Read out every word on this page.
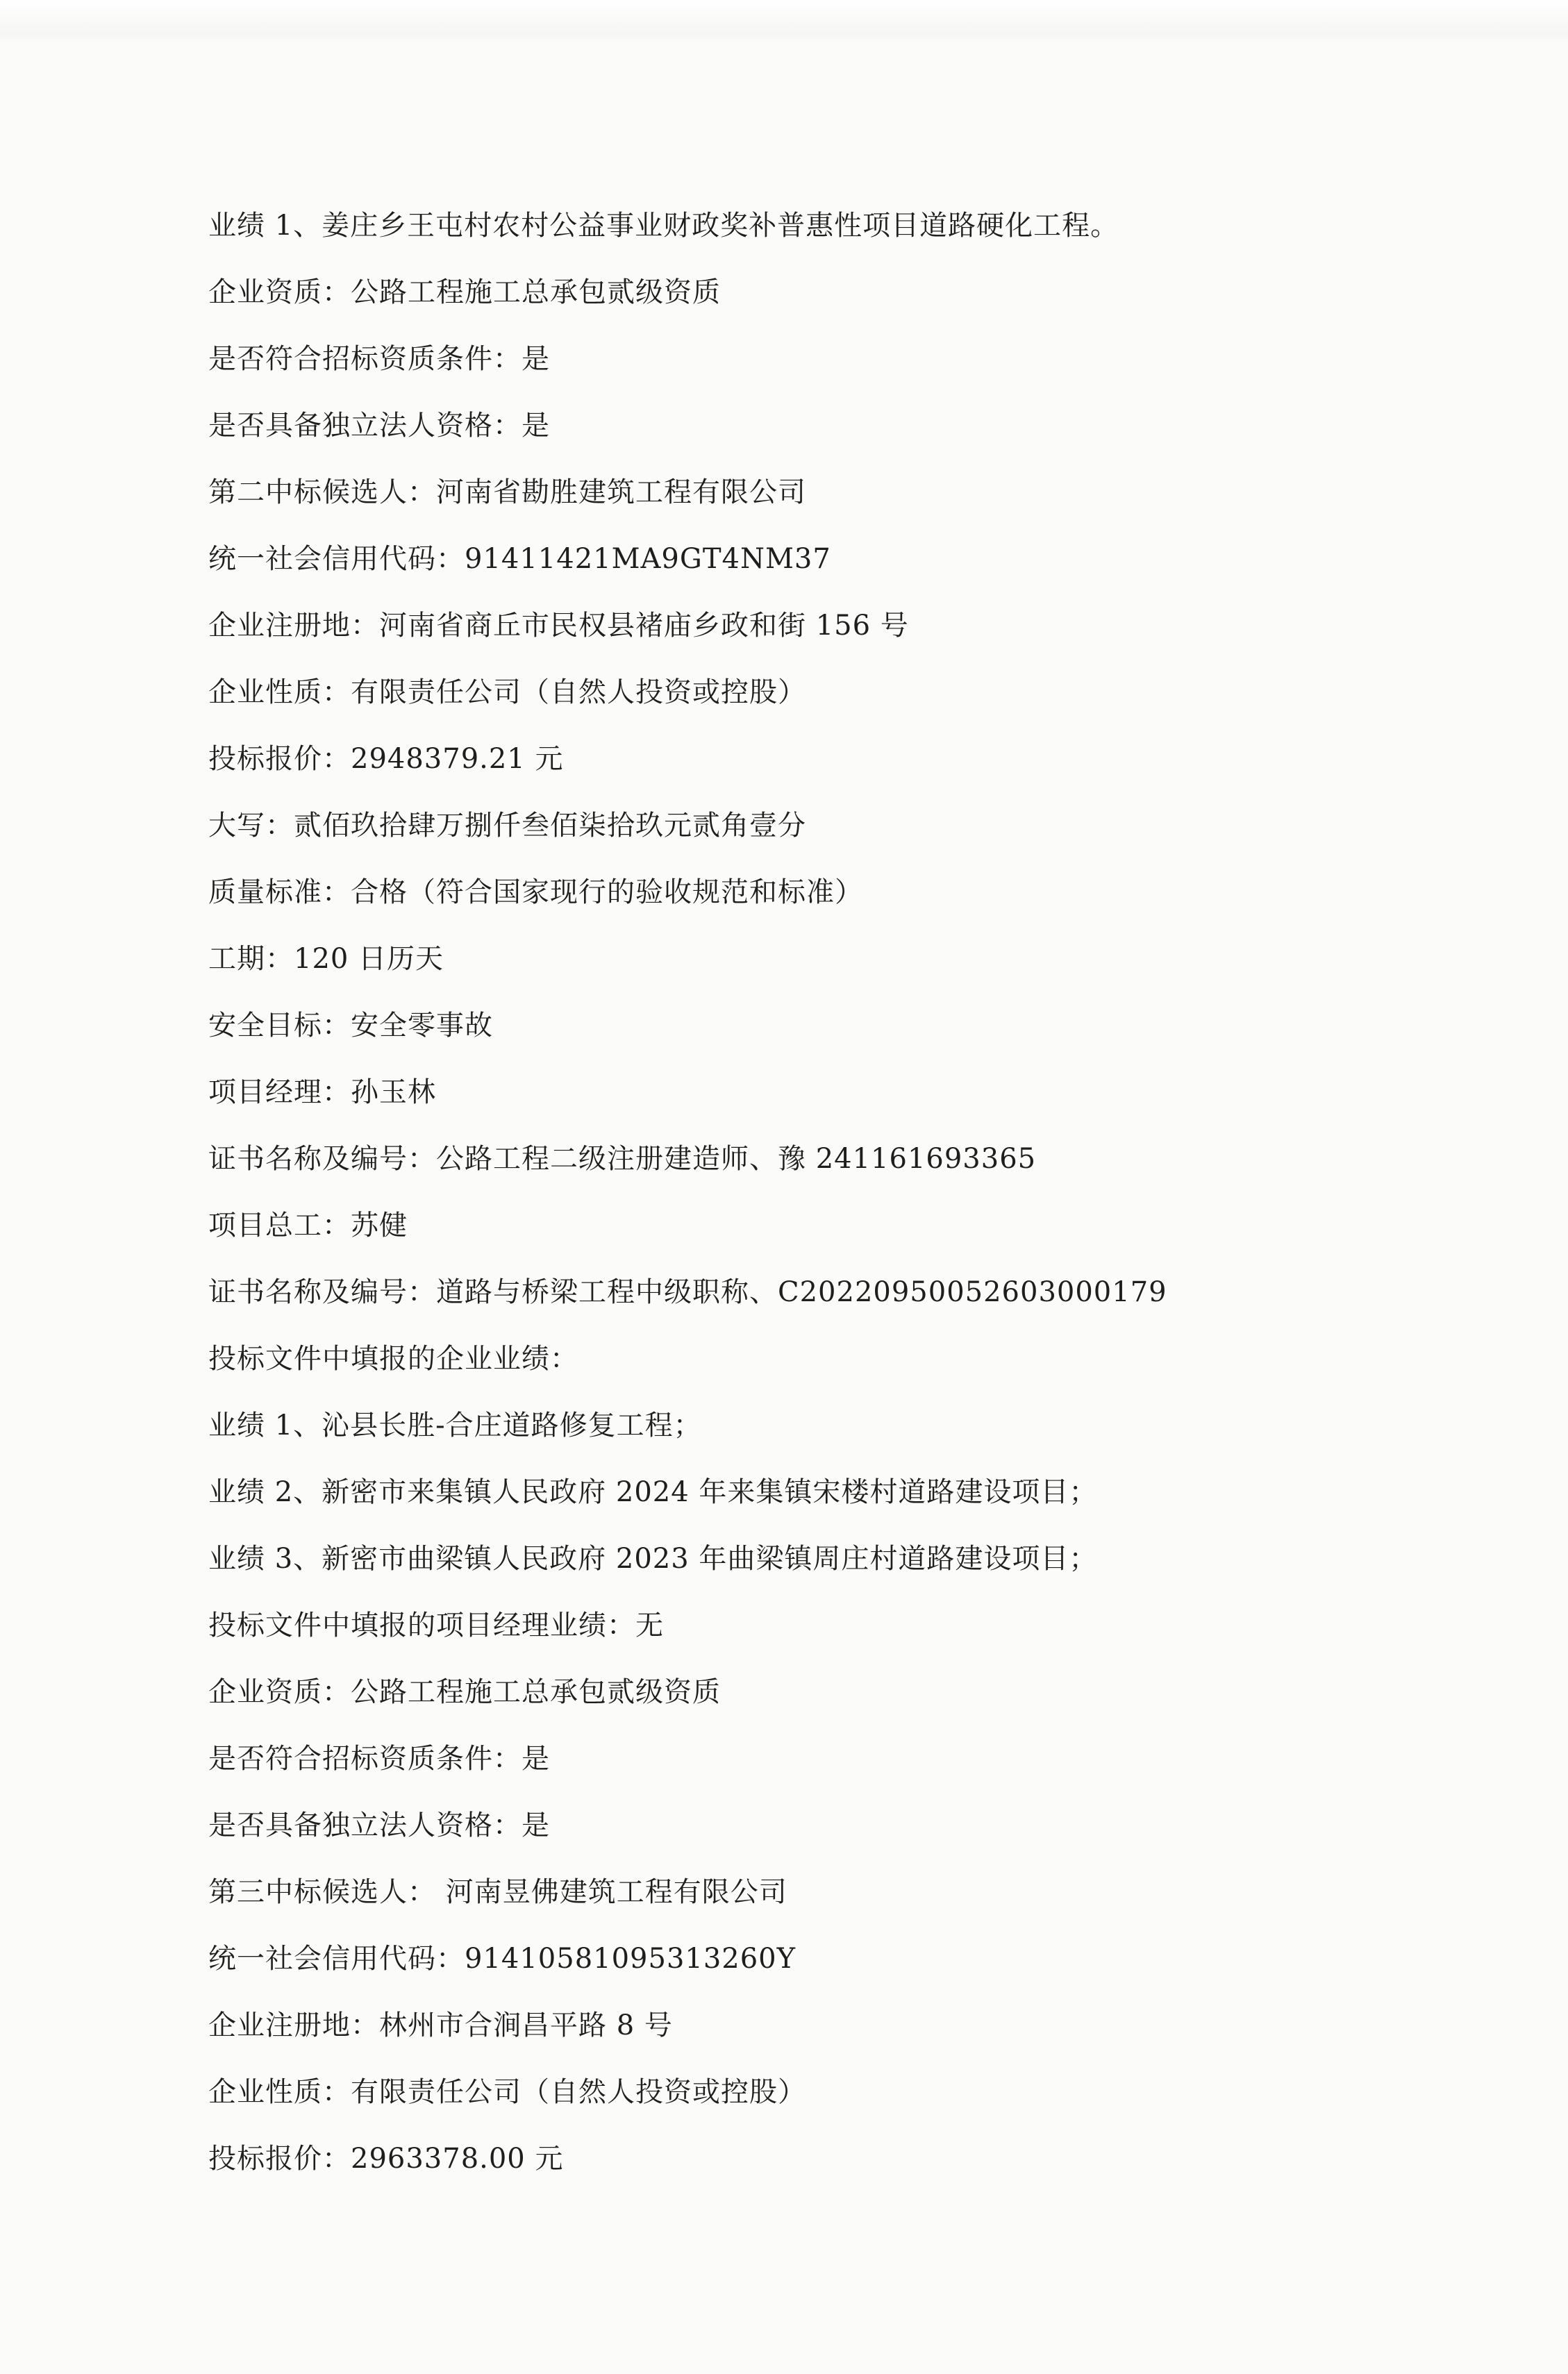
业绩 1、姜庄乡王屯村农村公益事业财政奖补普惠性项目道路硬化工程。
企业资质：公路工程施工总承包贰级资质
是否符合招标资质条件：是
是否具备独立法人资格：是
第二中标候选人：河南省勘胜建筑工程有限公司
统一社会信用代码：91411421MA9GT4NM37
企业注册地：河南省商丘市民权县褚庙乡政和街 156 号
企业性质：有限责任公司（自然人投资或控股）
投标报价：2948379.21 元
大写：贰佰玖拾肆万捌仟叁佰柒拾玖元贰角壹分
质量标准：合格（符合国家现行的验收规范和标准）
工期：120 日历天
安全目标：安全零事故
项目经理：孙玉林
证书名称及编号：公路工程二级注册建造师、豫 241161693365
项目总工：苏健
证书名称及编号：道路与桥梁工程中级职称、C20220950052603000179
投标文件中填报的企业业绩：
业绩 1、沁县长胜-合庄道路修复工程；
业绩 2、新密市来集镇人民政府 2024 年来集镇宋楼村道路建设项目；
业绩 3、新密市曲梁镇人民政府 2023 年曲梁镇周庄村道路建设项目；
投标文件中填报的项目经理业绩：无
企业资质：公路工程施工总承包贰级资质
是否符合招标资质条件：是
是否具备独立法人资格：是
第三中标候选人： 河南昱佛建筑工程有限公司
统一社会信用代码：91410581095313260Y
企业注册地：林州市合涧昌平路 8 号
企业性质：有限责任公司（自然人投资或控股）
投标报价：2963378.00 元
